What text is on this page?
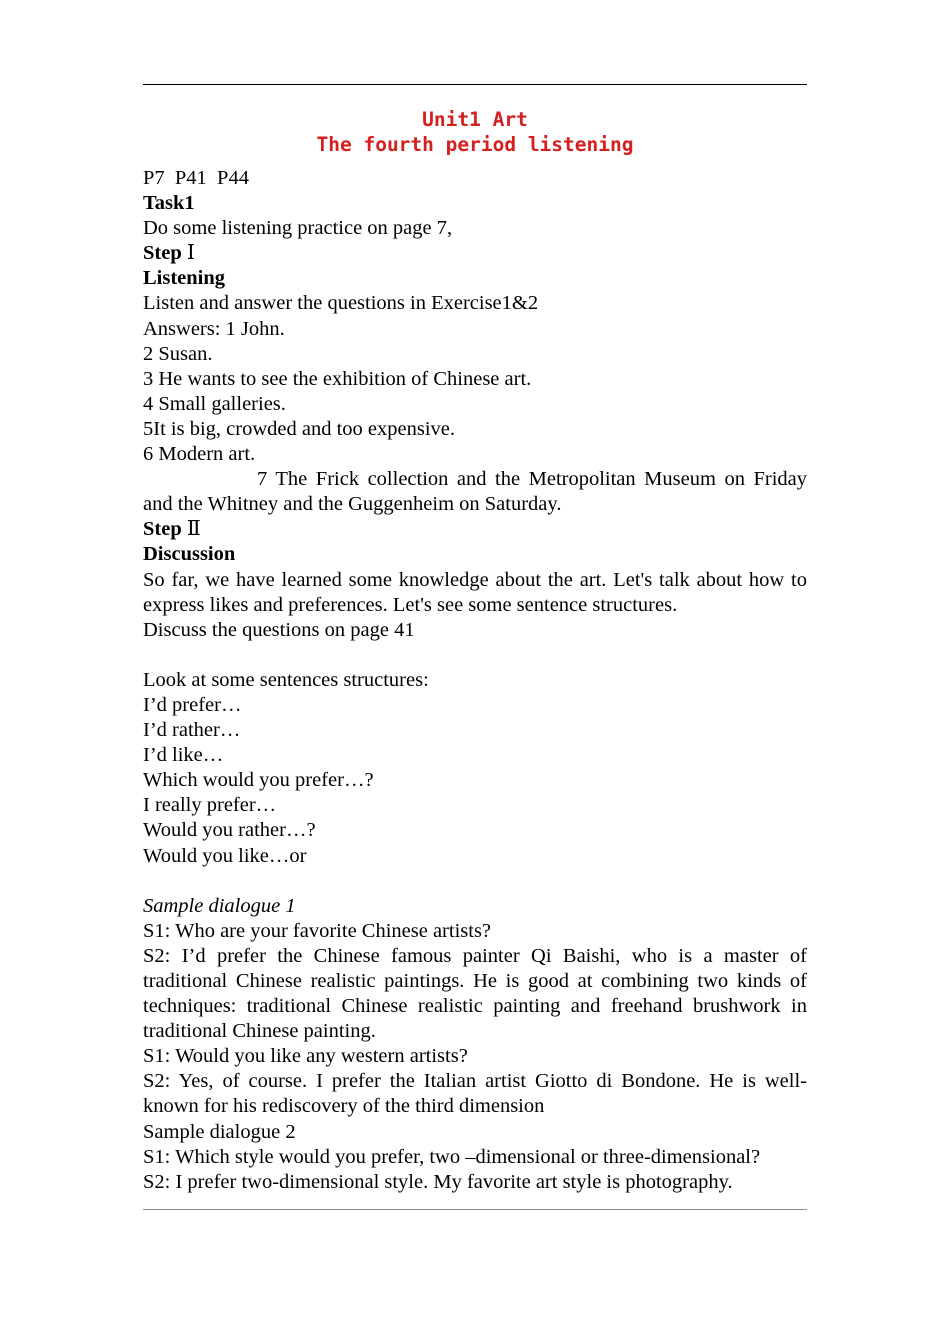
Unit1 Art
The fourth period listening

P7  P41  P44

Task1

Do some listening practice on page 7,

Step Ⅰ

Listening

Listen and answer the questions in Exercise1&2

Answers: 1 John.

2 Susan.

3 He wants to see the exhibition of Chinese art.

4 Small galleries.

5It is big, crowded and too expensive.

6 Modern art.

7 The Frick collection and the Metropolitan Museum on Friday and the Whitney and the Guggenheim on Saturday.

Step Ⅱ

Discussion

So far, we have learned some knowledge about the art. Let's talk about how to express likes and preferences. Let's see some sentence structures.

Discuss the questions on page 41

Look at some sentences structures:

I’d prefer…

I’d rather…

I’d like…

Which would you prefer…?

I really prefer…

Would you rather…?

Would you like…or

Sample dialogue 1

S1: Who are your favorite Chinese artists?

S2: I’d prefer the Chinese famous painter Qi Baishi, who is a master of traditional Chinese realistic paintings. He is good at combining two kinds of techniques: traditional Chinese realistic painting and freehand brushwork in traditional Chinese painting.

S1: Would you like any western artists?

S2: Yes, of course. I prefer the Italian artist Giotto di Bondone. He is well-known for his rediscovery of the third dimension

Sample dialogue 2

S1: Which style would you prefer, two –dimensional or three-dimensional?

S2: I prefer two-dimensional style. My favorite art style is photography.
